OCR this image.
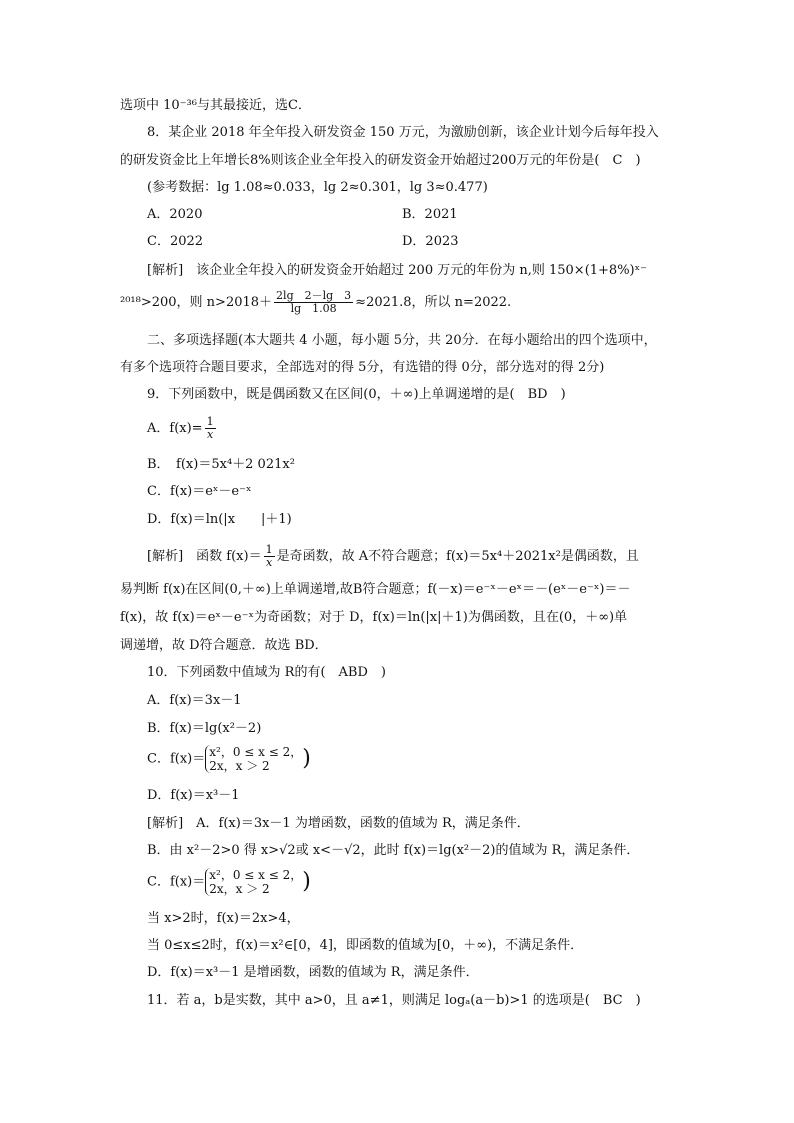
选项中 10⁻³⁶与其最接近，选C．
8．某企业 2018 年全年投入研发资金 150 万元，为激励创新，该企业计划今后每年投入
的研发资金比上年增长8%则该企业全年投入的研发资金开始超过200万元的年份是(　C　)
(参考数据：lg 1.08≈0.033，lg 2≈0.301，lg 3≈0.477)
A．2020	B．2021
C．2022	D．2023
[解析]　该企业全年投入的研发资金开始超过 200 万元的年份为 n,则 150×(1+8%)ˣ⁻
²⁰¹⁸>200，则 $n>2018+ \frac{2\lg 2-\lg 3}{\lg 1.08} \approx 2021.8$，所以 n=2022.
二、多项选择题(本大题共 4 小题，每小题 5分，共 20分．在每小题给出的四个选项中，
有多个选项符合题目要求，全部选对的得 5分，有选错的得 0分，部分选对的得 2分)
9．下列函数中，既是偶函数又在区间(0，＋∞)上单调递增的是(　BD　)
A．$f(x)= \frac{1}{x}$
B．　f(x)＝5x⁴＋2 021x²
C．f(x)＝eˣ－e⁻ˣ
D．f(x)＝ln(|x　　|＋1)
[解析]　函数 $f(x)= \frac{1}{x}$ 是奇函数，故 A不符合题意；f(x)＝5x⁴＋2021x²是偶函数，且
易判断 f(x)在区间(0,＋∞)上单调递增,故B符合题意；f(－x)＝e⁻ˣ－eˣ＝－(eˣ－e⁻ˣ)＝－
f(x)，故 f(x)＝eˣ－e⁻ˣ为奇函数；对于 D，f(x)＝ln(|x|＋1)为偶函数，且在(0，＋∞)单
调递增，故 D符合题意．故选 BD．
10．下列函数中值域为 R的有(　ABD　)
A．f(x)＝3x－1
B．f(x)＝lg(x²－2)
C．f(x)＝ x²，0 ≤ x ≤ 2，
2x，x ＞ 2	)
D．f(x)＝x³－1
[解析]　A．f(x)＝3x－1 为增函数，函数的值域为 R，满足条件．
B．由 x²－2>0 得 x>√2或 x<－√2，此时 f(x)＝lg(x²－2)的值域为 R，满足条件．
C．f(x)＝ x²，0 ≤ x ≤ 2，
2x，x ＞ 2	)
当 x>2时，f(x)＝2x>4，
当 0≤x≤2时，f(x)＝x²∈[0，4]，即函数的值域为[0，＋∞)，不满足条件．
D．f(x)＝x³－1 是增函数，函数的值域为 R，满足条件．
11．若 a，b是实数，其中 a>0，且 a≠1，则满足 logₐ(a－b)>1 的选项是(　BC　)
